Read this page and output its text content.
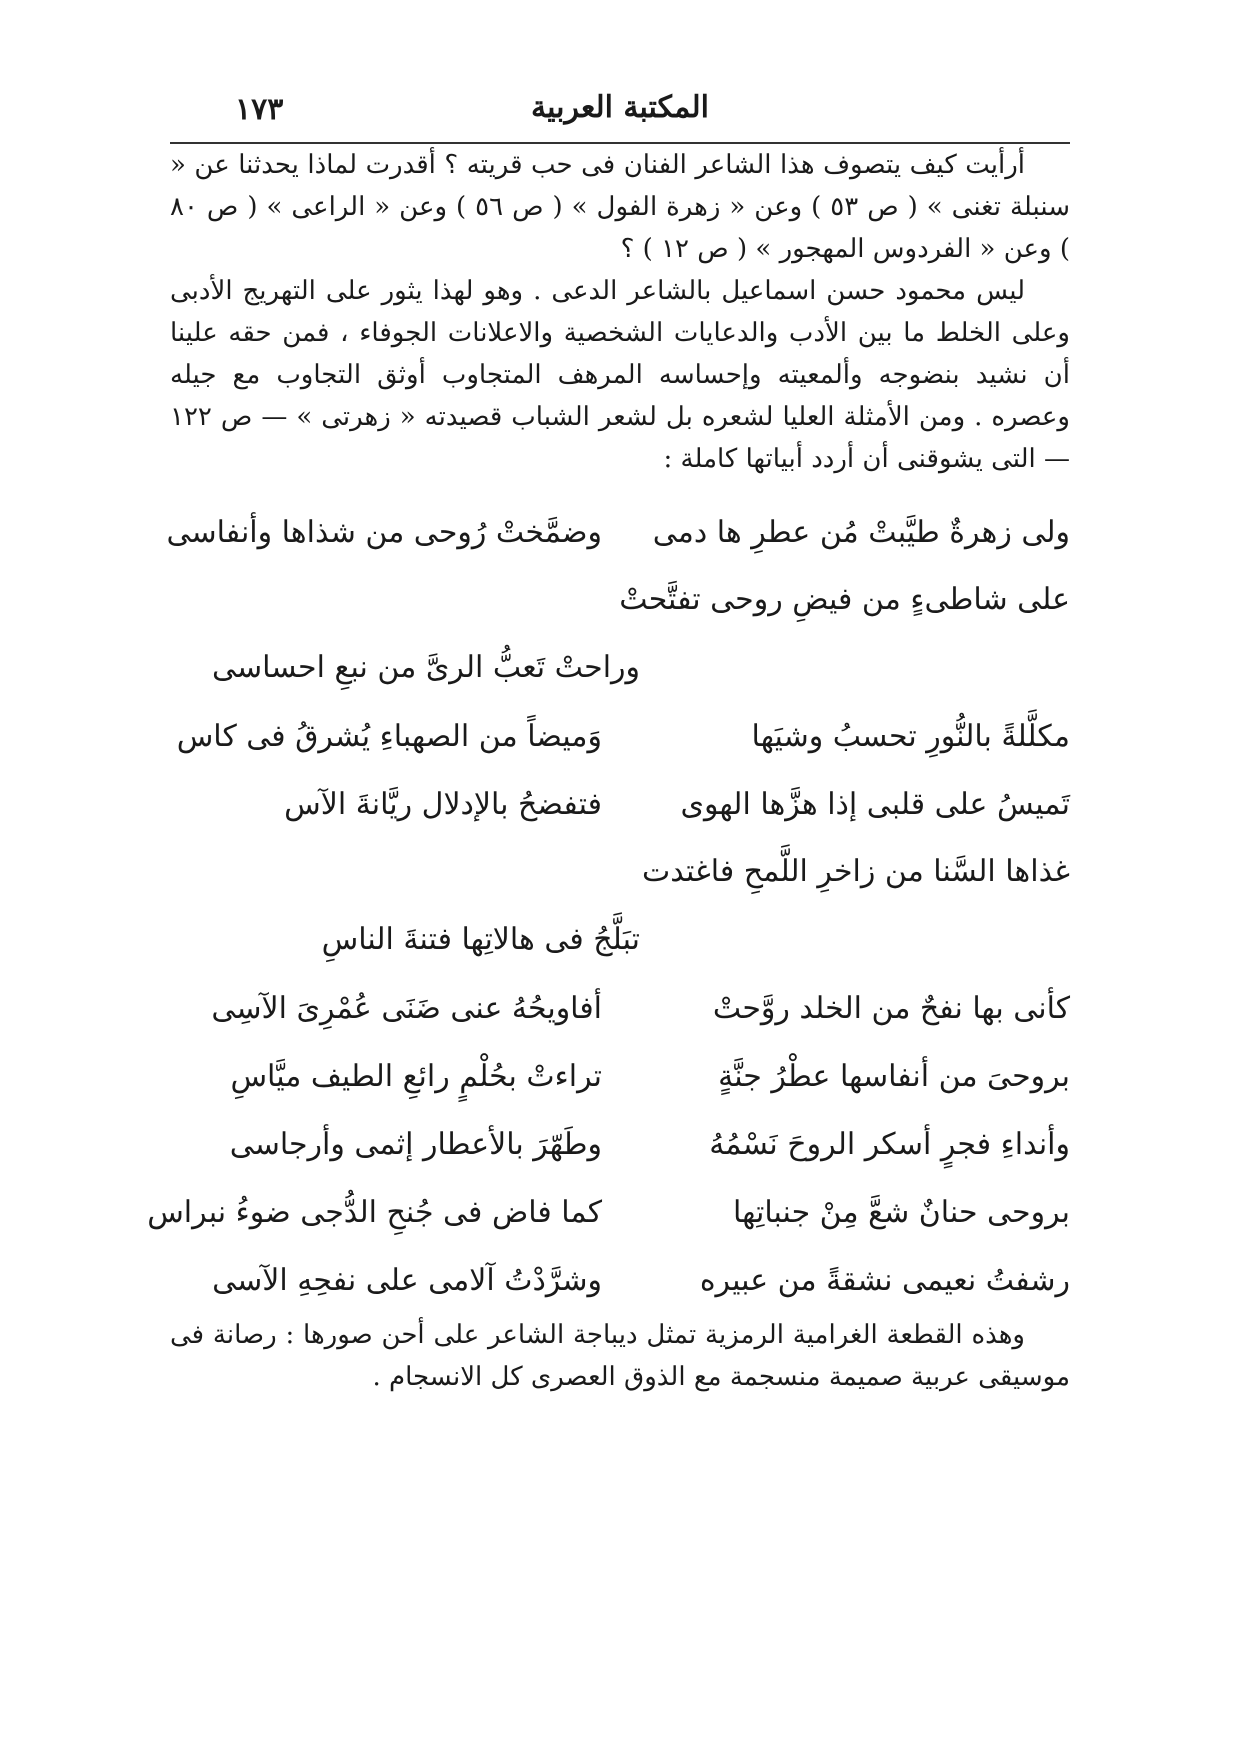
المكتبة العربية
١٧٣

أرأيت كيف يتصوف هذا الشاعر الفنان فى حب قريته ؟ أقدرت لماذا يحدثنا عن « سنبلة تغنى » ( ص ٥٣ ) وعن « زهرة الفول » ( ص ٥٦ ) وعن « الراعى » ( ص ٨٠ ) وعن « الفردوس المهجور » ( ص ١٢ ) ؟

ليس محمود حسن اسماعيل بالشاعر الدعى . وهو لهذا يثور على التهريج الأدبى وعلى الخلط ما بين الأدب والدعايات الشخصية والاعلانات الجوفاء ، فمن حقه علينا أن نشيد بنضوجه وألمعيته وإحساسه المرهف المتجاوب أوثق التجاوب مع جيله وعصره . ومن الأمثلة العليا لشعره بل لشعر الشباب قصيدته « زهرتى » — ص ١٢٢ — التى يشوقنى أن أردد أبياتها كاملة :

ولى زهرةٌ طيَّبتْ مُن عطرِ ها دمى
وضمَّختْ رُوحى من شذاها وأنفاسى
على شاطىءٍ من فيضِ روحى تفتَّحتْ
وراحتْ تَعبُّ الرىَّ من نبعِ احساسى
مكلَّلةً بالنُّورِ تحسبُ وشيَها
وَميضاً من الصهباءِ يُشرقُ فى كاس
تَميسُ على قلبى إذا هزَّها الهوى
فتفضحُ بالإدلال ريَّانةَ الآس
غذاها السَّنا من زاخرِ اللَّمحِ فاغتدت
تبَلَّجُ فى هالاتِها فتنةَ الناسِ
كأنى بها نفحٌ من الخلد روَّحتْ
أفاويحُهُ عنى ضَنَى عُمْرِىَ الآسِى
بروحىَ من أنفاسها عطْرُ جنَّةٍ
تراءتْ بحُلْمٍ رائعِ الطيف ميَّاسِ
وأنداءِ فجرٍ أسكر الروحَ نَسْمُهُ
وطَهّرَ بالأعطار إثمى وأرجاسى
بروحى حنانٌ شعَّ مِنْ جنباتِها
كما فاض فى جُنحِ الدُّجى ضوءُ نبراس
رشفتُ نعيمى نشقةً من عبيره
وشرَّدْتُ آلامى على نفحِهِ الآسى

وهذه القطعة الغرامية الرمزية تمثل ديباجة الشاعر على أحن صورها : رصانة فى موسيقى عربية صميمة منسجمة مع الذوق العصرى كل الانسجام .
